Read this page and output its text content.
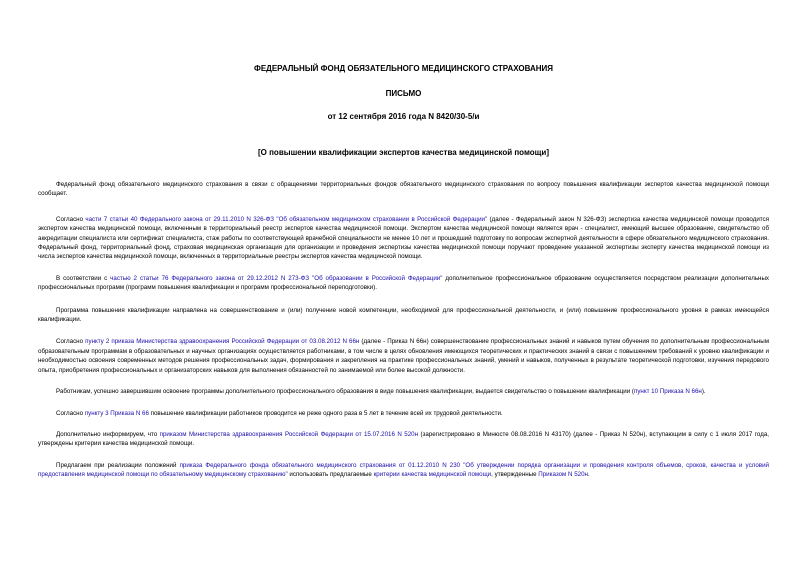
ФЕДЕРАЛЬНЫЙ ФОНД ОБЯЗАТЕЛЬНОГО МЕДИЦИНСКОГО СТРАХОВАНИЯ
ПИСЬМО
от 12 сентября 2016 года N 8420/30-5/и
[О повышении квалификации экспертов качества медицинской помощи]

Федеральный фонд обязательного медицинского страхования в связи с обращениями территориальных фондов обязательного медицинского страхования по вопросу повышения квалификации экспертов качества медицинской помощи сообщает.

Согласно части 7 статьи 40 Федерального закона от 29.11.2010 N 326-ФЗ "Об обязательном медицинском страховании в Российской Федерации" (далее - Федеральный закон N 326-ФЗ) экспертиза качества медицинской помощи проводится экспертом качества медицинской помощи, включенным в территориальный реестр экспертов качества медицинской помощи. Экспертом качества медицинской помощи является врач - специалист, имеющий высшее образование, свидетельство об аккредитации специалиста или сертификат специалиста, стаж работы по соответствующей врачебной специальности не менее 10 лет и прошедший подготовку по вопросам экспертной деятельности в сфере обязательного медицинского страхования. Федеральный фонд, территориальный фонд, страховая медицинская организация для организации и проведения экспертизы качества медицинской помощи поручают проведение указанной экспертизы эксперту качества медицинской помощи из числа экспертов качества медицинской помощи, включенных в территориальные реестры экспертов качества медицинской помощи.

В соответствии с частью 2 статьи 76 Федерального закона от 29.12.2012 N 273-ФЗ "Об образовании в Российской Федерации" дополнительное профессиональное образование осуществляется посредством реализации дополнительных профессиональных программ (программ повышения квалификации и программ профессиональной переподготовки).

Программа повышения квалификации направлена на совершенствование и (или) получение новой компетенции, необходимой для профессиональной деятельности, и (или) повышение профессионального уровня в рамках имеющейся квалификации.

Согласно пункту 2 приказа Министерства здравоохранения Российской Федерации от 03.08.2012 N 66н (далее - Приказ N 66н) совершенствование профессиональных знаний и навыков путем обучения по дополнительным профессиональным образовательным программам в образовательных и научных организациях осуществляется работниками, в том числе в целях обновления имеющихся теоретических и практических знаний в связи с повышением требований к уровню квалификации и необходимостью освоения современных методов решения профессиональных задач, формирования и закрепления на практике профессиональных знаний, умений и навыков, полученных в результате теоретической подготовки, изучения передового опыта, приобретения профессиональных и организаторских навыков для выполнения обязанностей по занимаемой или более высокой должности.

Работникам, успешно завершившим освоение программы дополнительного профессионального образования в виде повышения квалификации, выдается свидетельство о повышении квалификации (пункт 10 Приказа N 66н).

Согласно пункту 3 Приказа N 66 повышение квалификации работников проводится не реже одного раза в 5 лет в течение всей их трудовой деятельности.

Дополнительно информируем, что приказом Министерства здравоохранения Российской Федерации от 15.07.2016 N 520н (зарегистрировано в Минюсте 08.08.2016 N 43170) (далее - Приказ N 520н), вступающим в силу с 1 июля 2017 года, утверждены критерии качества медицинской помощи.

Предлагаем при реализации положений приказа Федерального фонда обязательного медицинского страхования от 01.12.2010 N 230 "Об утверждении порядка организации и проведения контроля объемов, сроков, качества и условий предоставления медицинской помощи по обязательному медицинскому страхованию" использовать предлагаемые критерии качества медицинской помощи, утвержденные Приказом N 520н.
